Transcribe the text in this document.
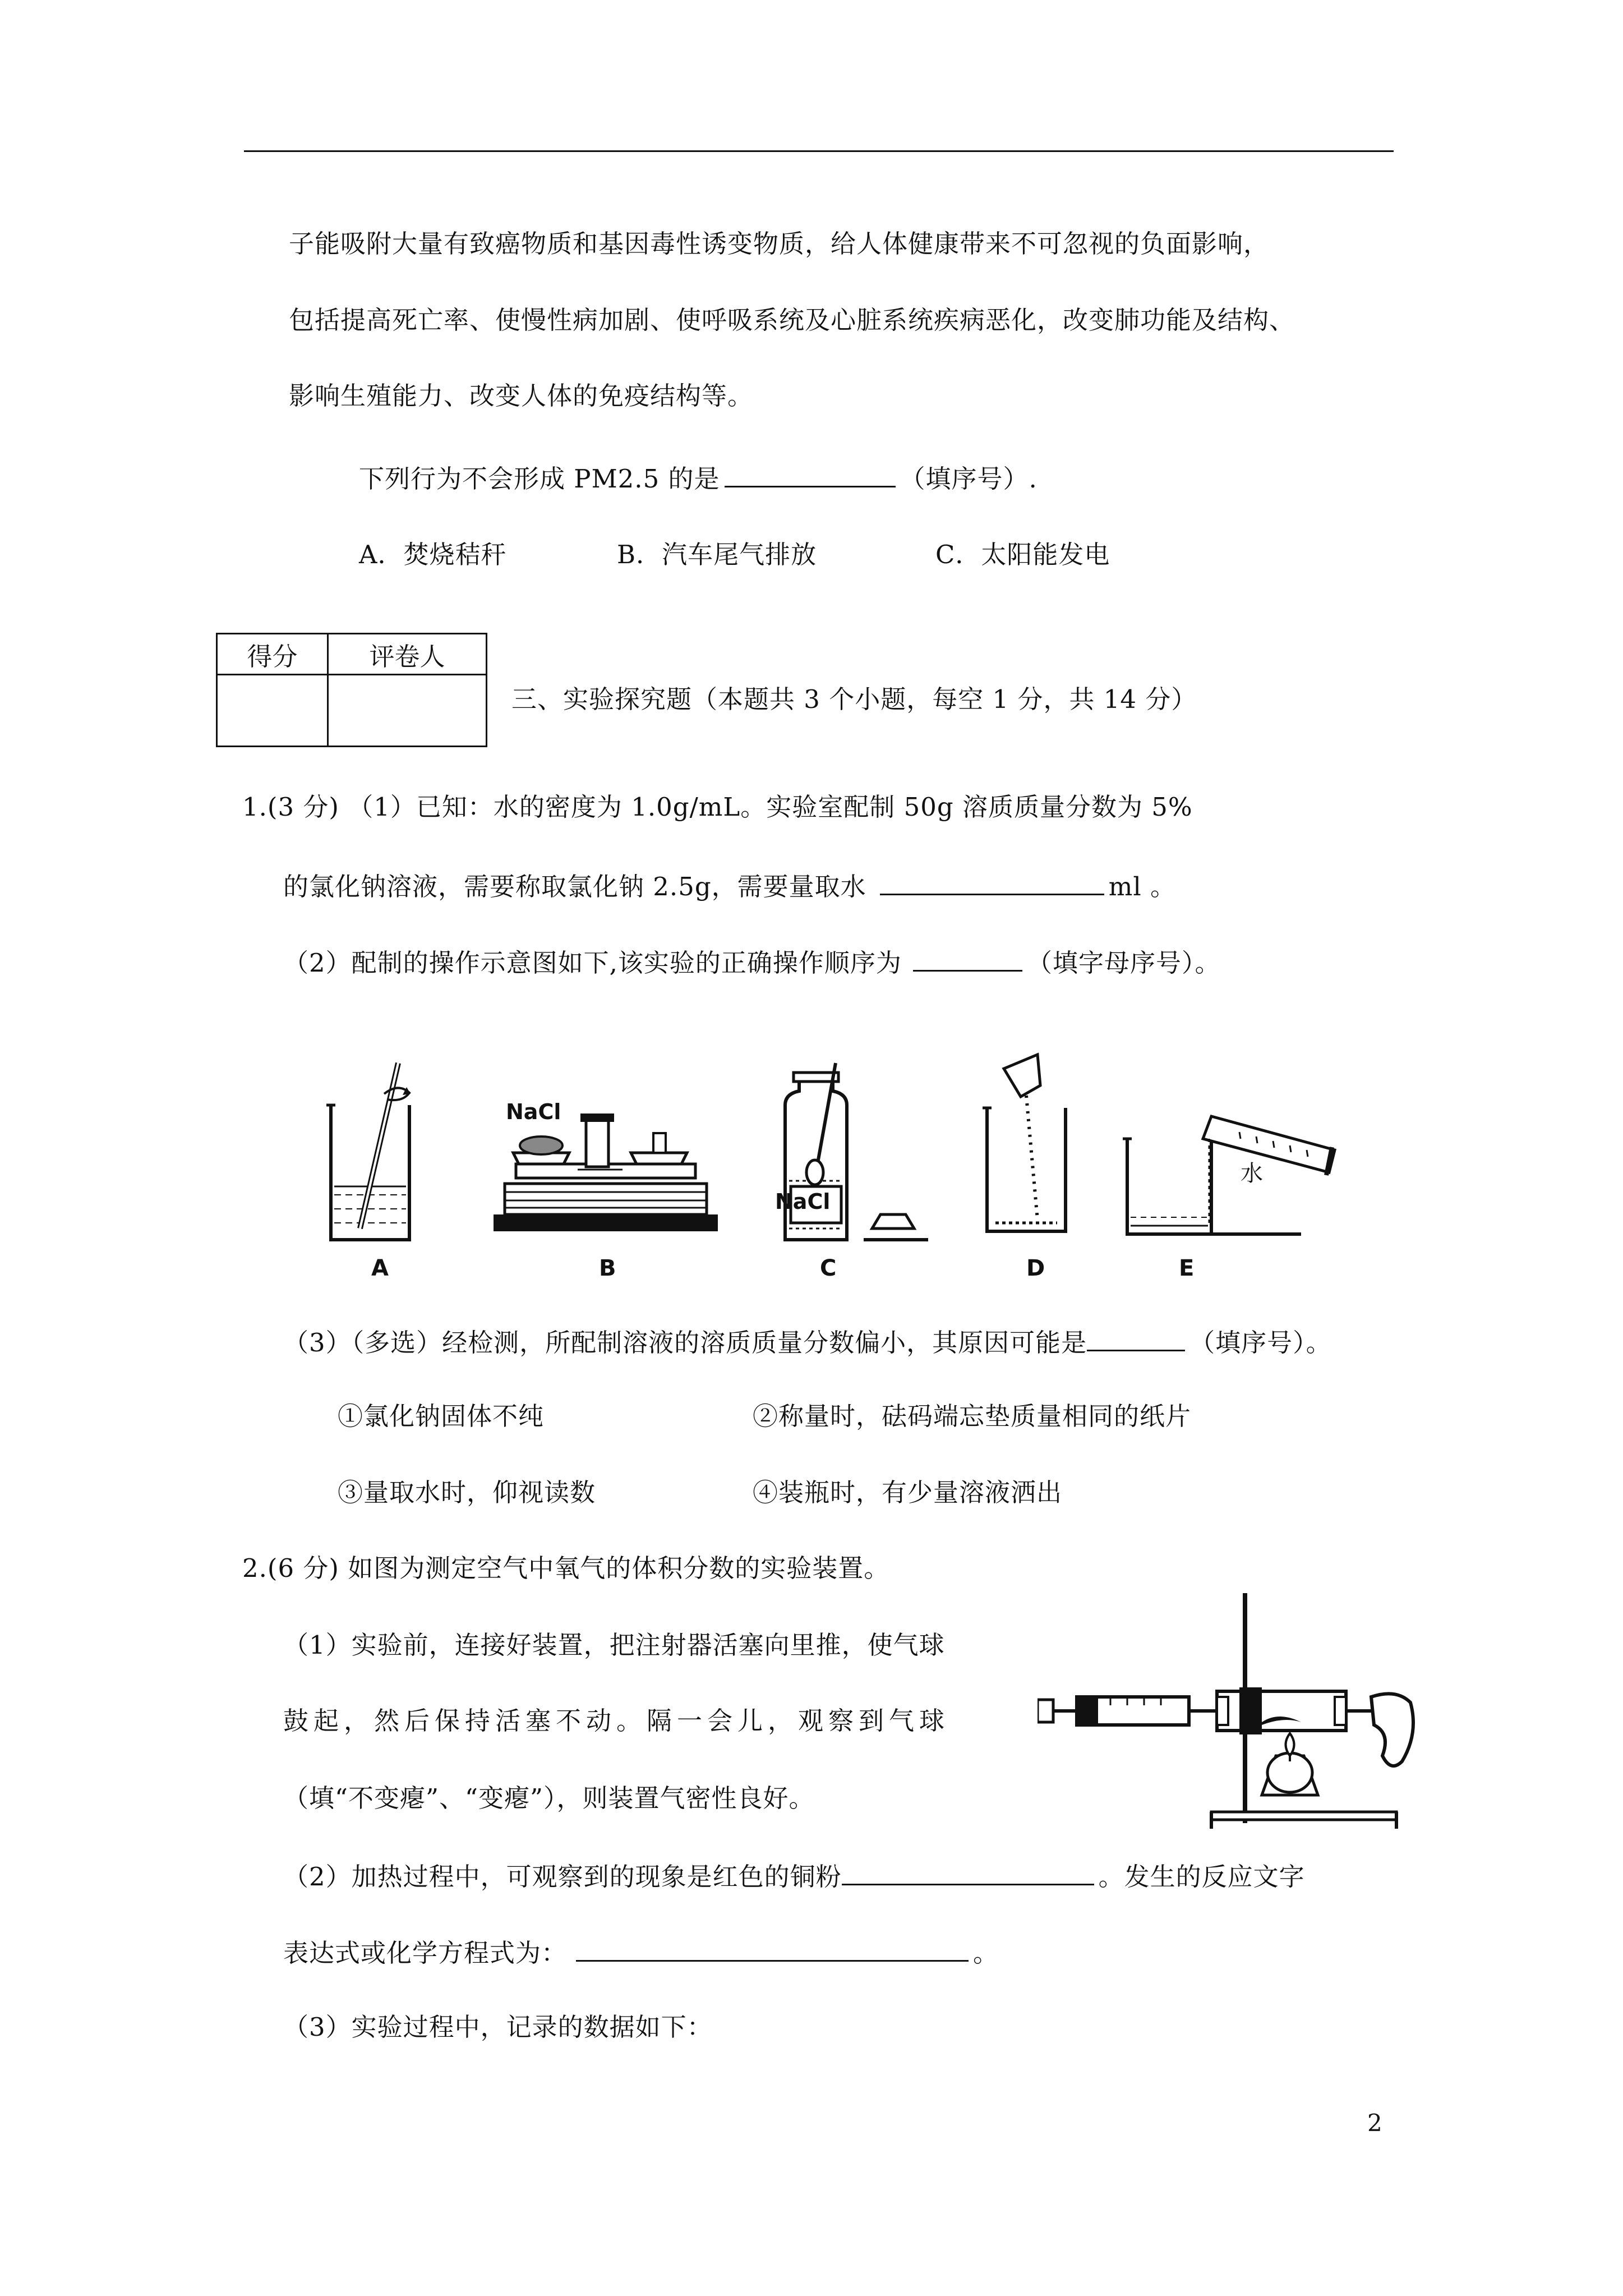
子能吸附大量有致癌物质和基因毒性诱变物质，给人体健康带来不可忽视的负面影响，
包括提高死亡率、使慢性病加剧、使呼吸系统及心脏系统疾病恶化，改变肺功能及结构、
影响生殖能力、改变人体的免疫结构等。
下列行为不会形成 PM2.5 的是	（填序号）.
A．焚烧秸秆	B．汽车尾气排放	C．太阳能发电
得分	评卷人

三、实验探究题（本题共 3 个小题，每空 1 分，共 14 分）
1.(3 分) （1）已知：水的密度为 1.0g/mL。实验室配制 50g 溶质质量分数为 5%
的氯化钠溶液，需要称取氯化钠 2.5g，需要量取水	ml 。
（2）配制的操作示意图如下,该实验的正确操作顺序为	（填字母序号）。
A
NaCl
B
NaCl
C	D
水
E
（3）（多选）经检测，所配制溶液的溶质质量分数偏小，其原因可能是	（填序号）。
①氯化钠固体不纯	②称量时，砝码端忘垫质量相同的纸片
③量取水时，仰视读数	④装瓶时，有少量溶液洒出
2.(6 分) 如图为测定空气中氧气的体积分数的实验装置。
（1）实验前，连接好装置，把注射器活塞向里推，使气球
鼓起，然后保持活塞不动。隔一会儿，观察到气球
（填“不变瘪”、“变瘪”），则装置气密性良好。
（2）加热过程中，可观察到的现象是红色的铜粉	。发生的反应文字
表达式或化学方程式为：	。
（3）实验过程中，记录的数据如下：
2
